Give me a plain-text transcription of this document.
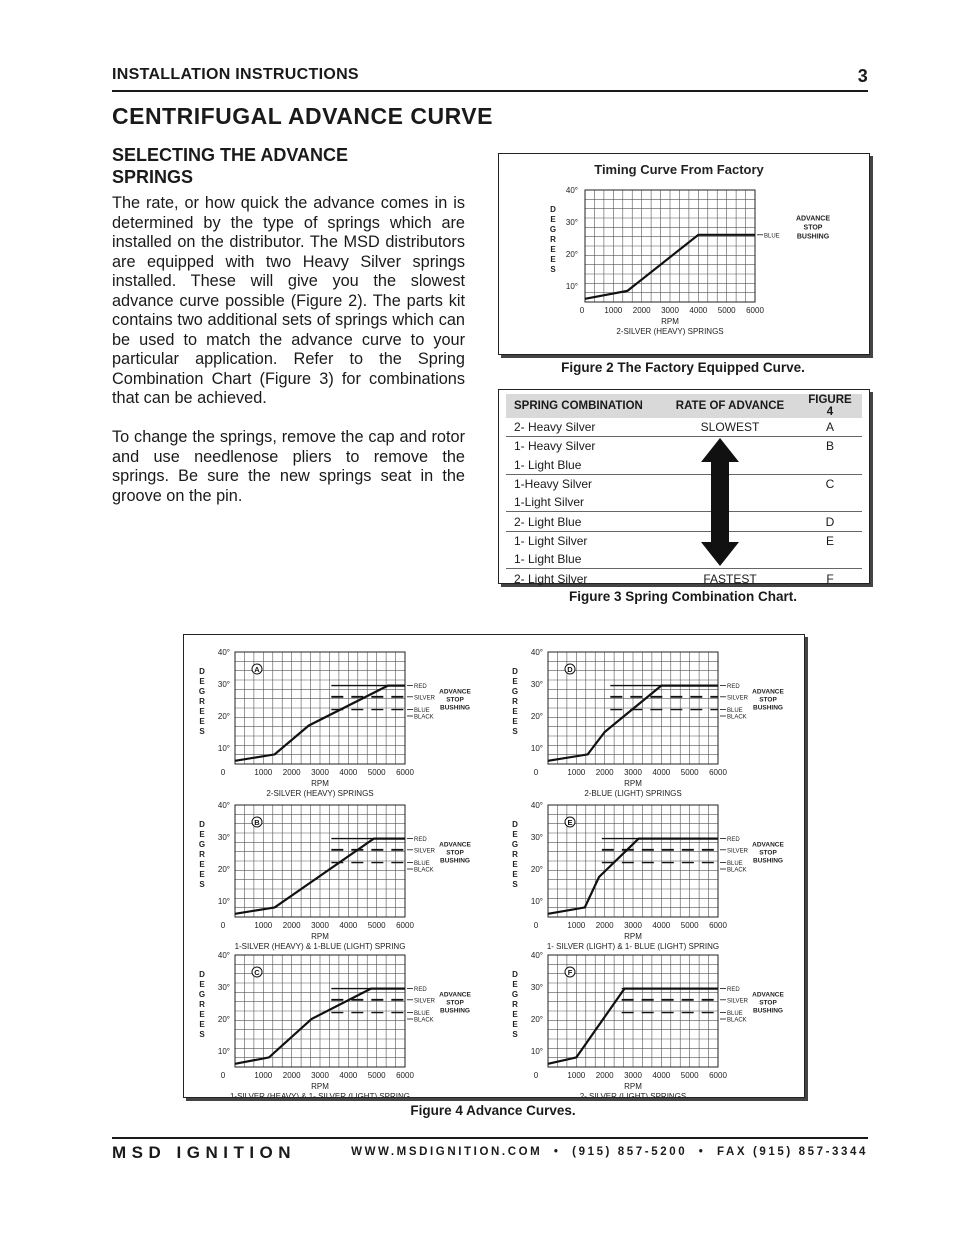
INSTALLATION INSTRUCTIONS	3
CENTRIFUGAL ADVANCE CURVE
SELECTING THE ADVANCE SPRINGS
The rate, or how quick the advance comes in is determined by the type of springs which are installed on the distributor. The MSD distributors are equipped with two Heavy Silver springs installed. These will give you the slowest advance curve possible (Figure 2). The parts kit contains two additional sets of springs which can be used to match the advance curve to your particular application. Refer to the Spring Combination Chart (Figure 3) for combinations that can be achieved.
To change the springs, remove the cap and rotor and use needlenose pliers to remove the springs. Be sure the new springs seat in the groove on the pin.
Timing Curve From Factory
10°
20°
30°
40°
0	1000 2000 3000 4000 5000 6000
RPM
2-SILVER (HEAVY) SPRINGS
D
E
G
R
E
E
S
BLUE
ADVANCE
STOP
BUSHING
Figure 2 The Factory Equipped Curve.
SPRING COMBINATION	RATE OF ADVANCE	FIGURE 4
2- Heavy Silver	SLOWEST	A
1- Heavy Silver		B
1- Light Blue		
1-Heavy Silver		C
1-Light Silver		
2- Light Blue		D
1- Light Silver		E
1- Light Blue		
2- Light Silver	FASTEST	F
Figure 3 Spring Combination Chart.
10°
20°
30°
40°
0	1000 2000 3000 4000 5000 6000
RPM
2-SILVER (HEAVY) SPRINGS
D
E
G
R
E
E
S
RED
SILVER
BLUE
BLACK
ADVANCE
STOP
BUSHING
A
10°
20°
30°
40°
0	1000 2000 3000 4000 5000 6000
RPM
2-BLUE (LIGHT) SPRINGS
D
E
G
R
E
E
S
RED
SILVER
BLUE
BLACK
ADVANCE
STOP
BUSHING
D
10°
20°
30°
40°
0	1000 2000 3000 4000 5000 6000
RPM
1-SILVER (HEAVY) & 1-BLUE (LIGHT) SPRING
D
E
G
R
E
E
S
RED
SILVER
BLUE
BLACK
ADVANCE
STOP
BUSHING
B
10°
20°
30°
40°
0	1000 2000 3000 4000 5000 6000
RPM
1- SILVER (LIGHT) & 1- BLUE (LIGHT) SPRING
D
E
G
R
E
E
S
RED
SILVER
BLUE
BLACK
ADVANCE
STOP
BUSHING
E
10°
20°
30°
40°
0	1000 2000 3000 4000 5000 6000
RPM
1-SILVER (HEAVY) & 1- SILVER (LIGHT) SPRING
D
E
G
R
E
E
S
RED
SILVER
BLUE
BLACK
ADVANCE
STOP
BUSHING
C
10°
20°
30°
40°
0	1000 2000 3000 4000 5000 6000
RPM
2- SILVER (LIGHT) SPRINGS
D
E
G
R
E
E
S
RED
SILVER
BLUE
BLACK
ADVANCE
STOP
BUSHING
F
Figure 4 Advance Curves.
MSD IGNITION	WWW.MSDIGNITION.COM  •  (915) 857-5200  •  FAX (915) 857-3344
